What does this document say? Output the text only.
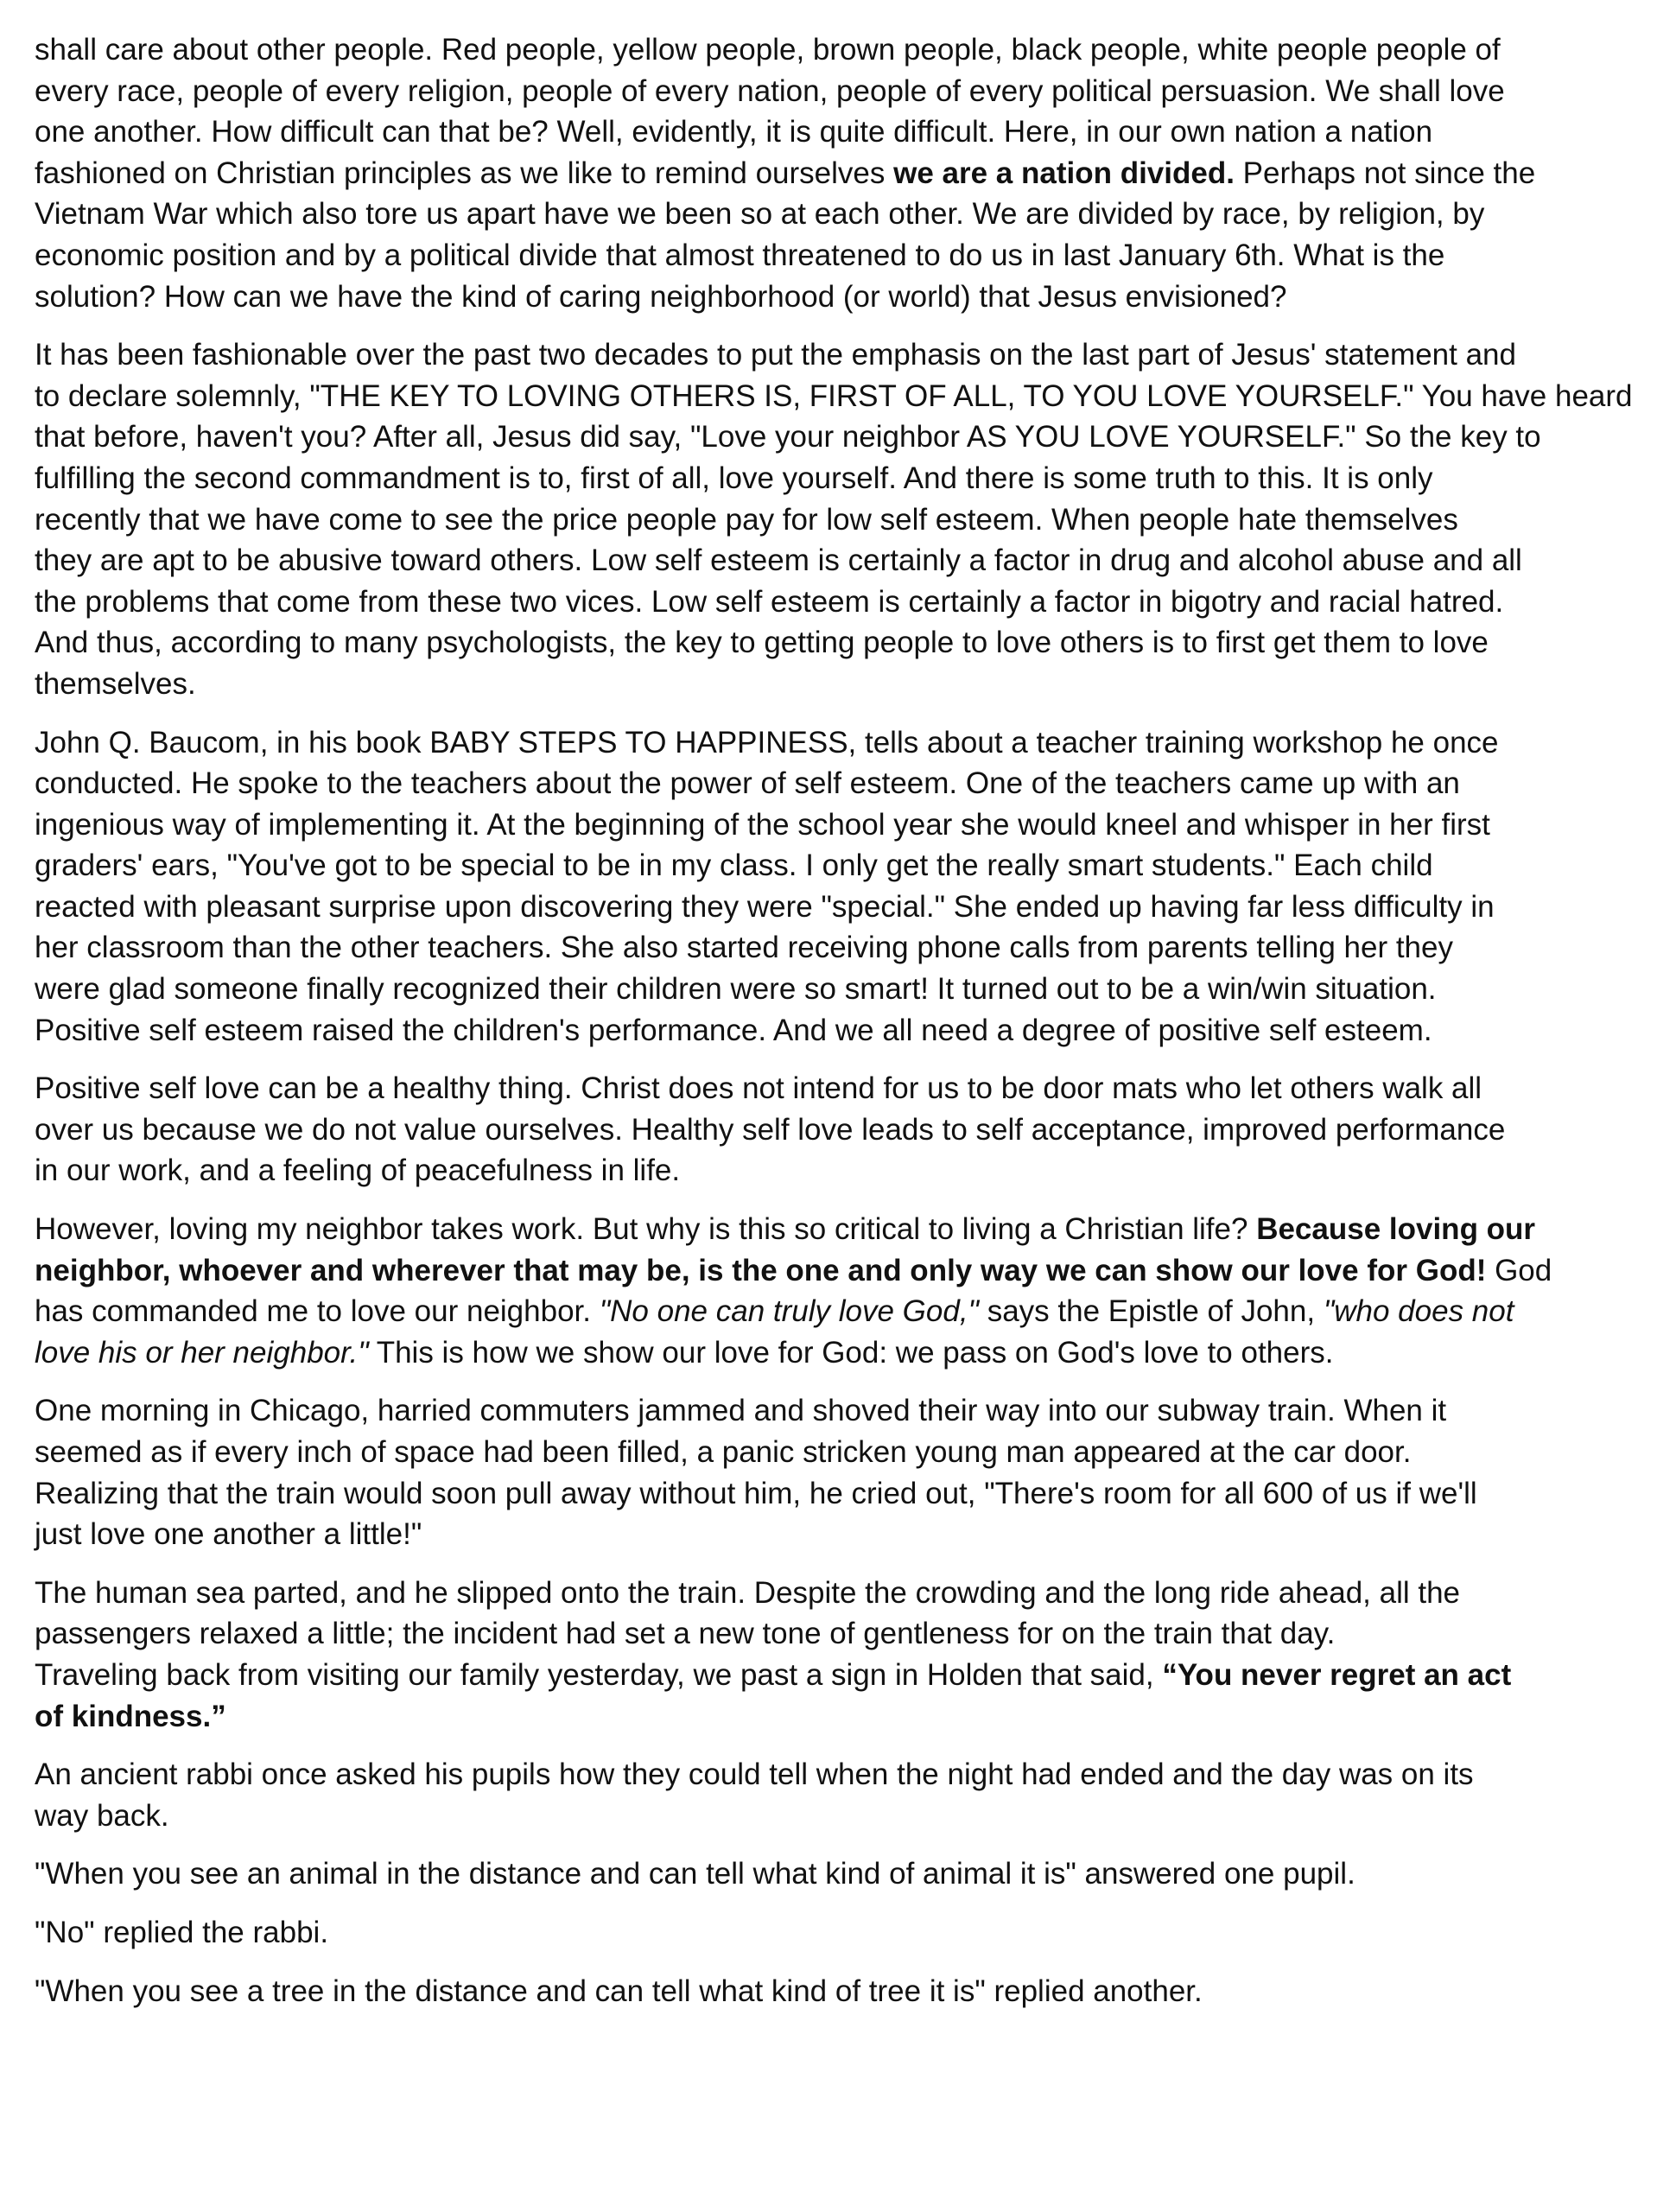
shall care about other people. Red people, yellow people, brown people, black people, white people people of
every race, people of every religion, people of every nation, people of every political persuasion. We shall love
one another. How difficult can that be? Well, evidently, it is quite difficult. Here, in our own nation a nation
fashioned on Christian principles as we like to remind ourselves we are a nation divided. Perhaps not since the
Vietnam War which also tore us apart have we been so at each other. We are divided by race, by religion, by
economic position and by a political divide that almost threatened to do us in last January 6th. What is the
solution? How can we have the kind of caring neighborhood (or world) that Jesus envisioned?

It has been fashionable over the past two decades to put the emphasis on the last part of Jesus' statement and
to declare solemnly, "THE KEY TO LOVING OTHERS IS, FIRST OF ALL, TO YOU LOVE YOURSELF." You have heard
that before, haven't you? After all, Jesus did say, "Love your neighbor AS YOU LOVE YOURSELF." So the key to
fulfilling the second commandment is to, first of all, love yourself. And there is some truth to this. It is only
recently that we have come to see the price people pay for low self esteem. When people hate themselves
they are apt to be abusive toward others. Low self esteem is certainly a factor in drug and alcohol abuse and all
the problems that come from these two vices. Low self esteem is certainly a factor in bigotry and racial hatred.
And thus, according to many psychologists, the key to getting people to love others is to first get them to love
themselves.

John Q. Baucom, in his book BABY STEPS TO HAPPINESS, tells about a teacher training workshop he once
conducted. He spoke to the teachers about the power of self esteem. One of the teachers came up with an
ingenious way of implementing it. At the beginning of the school year she would kneel and whisper in her first
graders' ears, "You've got to be special to be in my class. I only get the really smart students." Each child
reacted with pleasant surprise upon discovering they were "special." She ended up having far less difficulty in
her classroom than the other teachers. She also started receiving phone calls from parents telling her they
were glad someone finally recognized their children were so smart! It turned out to be a win/win situation.
Positive self esteem raised the children's performance. And we all need a degree of positive self esteem.

Positive self love can be a healthy thing. Christ does not intend for us to be door mats who let others walk all
over us because we do not value ourselves. Healthy self love leads to self acceptance, improved performance
in our work, and a feeling of peacefulness in life.

However, loving my neighbor takes work. But why is this so critical to living a Christian life? Because loving our
neighbor, whoever and wherever that may be, is the one and only way we can show our love for God! God
has commanded me to love our neighbor. "No one can truly love God," says the Epistle of John, "who does not
love his or her neighbor." This is how we show our love for God: we pass on God's love to others.

One morning in Chicago, harried commuters jammed and shoved their way into our subway train. When it
seemed as if every inch of space had been filled, a panic stricken young man appeared at the car door.
Realizing that the train would soon pull away without him, he cried out, "There's room for all 600 of us if we'll
just love one another a little!"

The human sea parted, and he slipped onto the train. Despite the crowding and the long ride ahead, all the
passengers relaxed a little; the incident had set a new tone of gentleness for on the train that day.
Traveling back from visiting our family yesterday, we past a sign in Holden that said, “You never regret an act
of kindness.”

An ancient rabbi once asked his pupils how they could tell when the night had ended and the day was on its
way back.

"When you see an animal in the distance and can tell what kind of animal it is" answered one pupil.

"No" replied the rabbi.

"When you see a tree in the distance and can tell what kind of tree it is" replied another.
